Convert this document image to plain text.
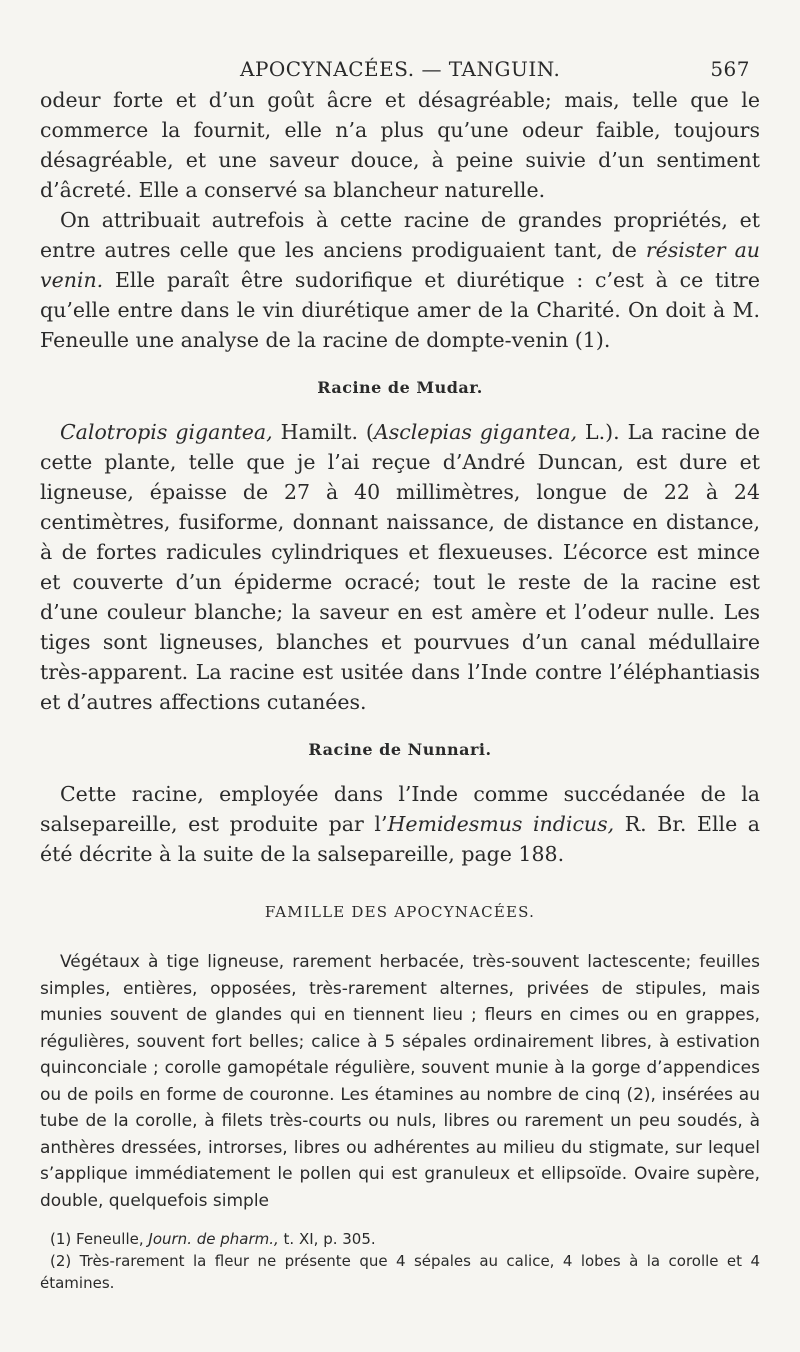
APOCYNACÉES. — TANGUIN.	567

odeur forte et d’un goût âcre et désagréable; mais, telle que le commerce la fournit, elle n’a plus qu’une odeur faible, toujours désagréable, et une saveur douce, à peine suivie d’un sentiment d’âcreté. Elle a conservé sa blancheur naturelle.

On attribuait autrefois à cette racine de grandes propriétés, et entre autres celle que les anciens prodiguaient tant, de résister au venin. Elle paraît être sudorifique et diurétique : c’est à ce titre qu’elle entre dans le vin diurétique amer de la Charité. On doit à M. Feneulle une analyse de la racine de dompte-venin (1).

Racine de Mudar.

Calotropis gigantea, Hamilt. (Asclepias gigantea, L.). La racine de cette plante, telle que je l’ai reçue d’André Duncan, est dure et ligneuse, épaisse de 27 à 40 millimètres, longue de 22 à 24 centimètres, fusiforme, donnant naissance, de distance en distance, à de fortes radicules cylindriques et flexueuses. L’écorce est mince et couverte d’un épiderme ocracé; tout le reste de la racine est d’une couleur blanche; la saveur en est amère et l’odeur nulle. Les tiges sont ligneuses, blanches et pourvues d’un canal médullaire très-apparent. La racine est usitée dans l’Inde contre l’éléphantiasis et d’autres affections cutanées.

Racine de Nunnari.

Cette racine, employée dans l’Inde comme succédanée de la salsepareille, est produite par l’Hemidesmus indicus, R. Br. Elle a été décrite à la suite de la salsepareille, page 188.

FAMILLE DES APOCYNACÉES.

Végétaux à tige ligneuse, rarement herbacée, très-souvent lactescente; feuilles simples, entières, opposées, très-rarement alternes, privées de stipules, mais munies souvent de glandes qui en tiennent lieu ; fleurs en cimes ou en grappes, régulières, souvent fort belles; calice à 5 sépales ordinairement libres, à estivation quinconciale ; corolle gamopétale régulière, souvent munie à la gorge d’appendices ou de poils en forme de couronne. Les étamines au nombre de cinq (2), insérées au tube de la corolle, à filets très-courts ou nuls, libres ou rarement un peu soudés, à anthères dressées, introrses, libres ou adhérentes au milieu du stigmate, sur lequel s’applique immédiatement le pollen qui est granuleux et ellipsoïde. Ovaire supère, double, quelquefois simple

(1) Feneulle, Journ. de pharm., t. XI, p. 305.

(2) Très-rarement la fleur ne présente que 4 sépales au calice, 4 lobes à la corolle et 4 étamines.
